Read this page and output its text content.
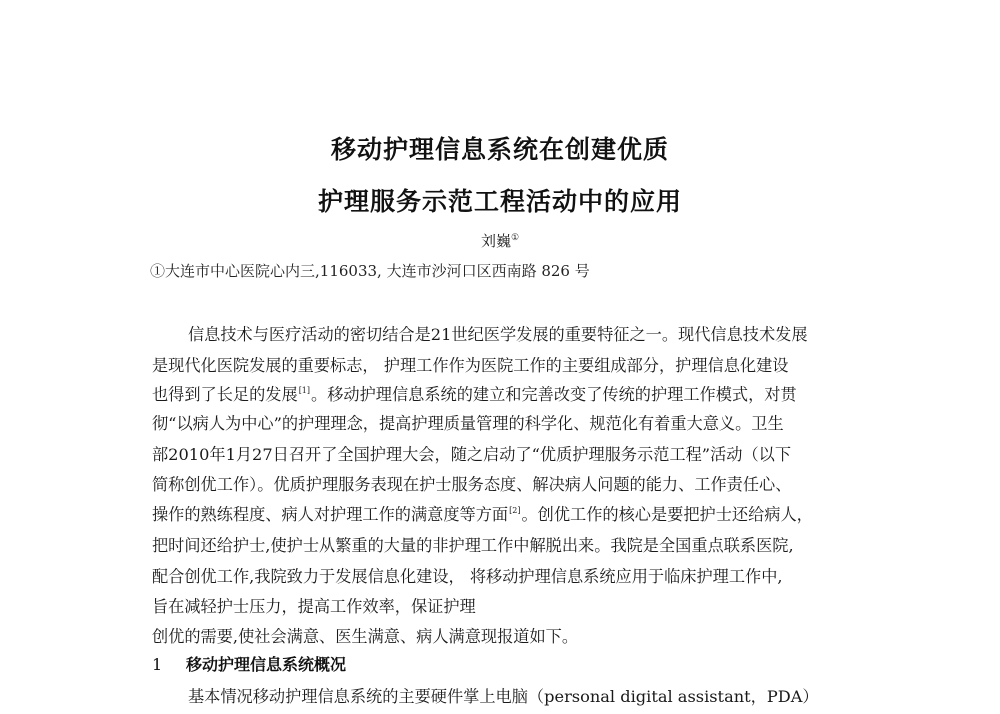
移动护理信息系统在创建优质
护理服务示范工程活动中的应用
刘巍①
①大连市中心医院心内三,116033, 大连市沙河口区西南路 826 号
信息技术与医疗活动的密切结合是21世纪医学发展的重要特征之一。现代信息技术发展
是现代化医院发展的重要标志， 护理工作作为医院工作的主要组成部分，护理信息化建设
也得到了长足的发展[1]。移动护理信息系统的建立和完善改变了传统的护理工作模式，对贯
彻“以病人为中心”的护理理念，提高护理质量管理的科学化、规范化有着重大意义。卫生
部2010年1月27日召开了全国护理大会，随之启动了“优质护理服务示范工程”活动（以下
简称创优工作）。优质护理服务表现在护士服务态度、解决病人问题的能力、工作责任心、
操作的熟练程度、病人对护理工作的满意度等方面[2]。创优工作的核心是要把护士还给病人，
把时间还给护士,使护士从繁重的大量的非护理工作中解脱出来。我院是全国重点联系医院,
配合创优工作,我院致力于发展信息化建设， 将移动护理信息系统应用于临床护理工作中,
旨在减轻护士压力，提高工作效率，保证护理
创优的需要,使社会满意、医生满意、病人满意现报道如下。
1 移动护理信息系统概况
基本情况移动护理信息系统的主要硬件掌上电脑（personal digital assistant，PDA）
